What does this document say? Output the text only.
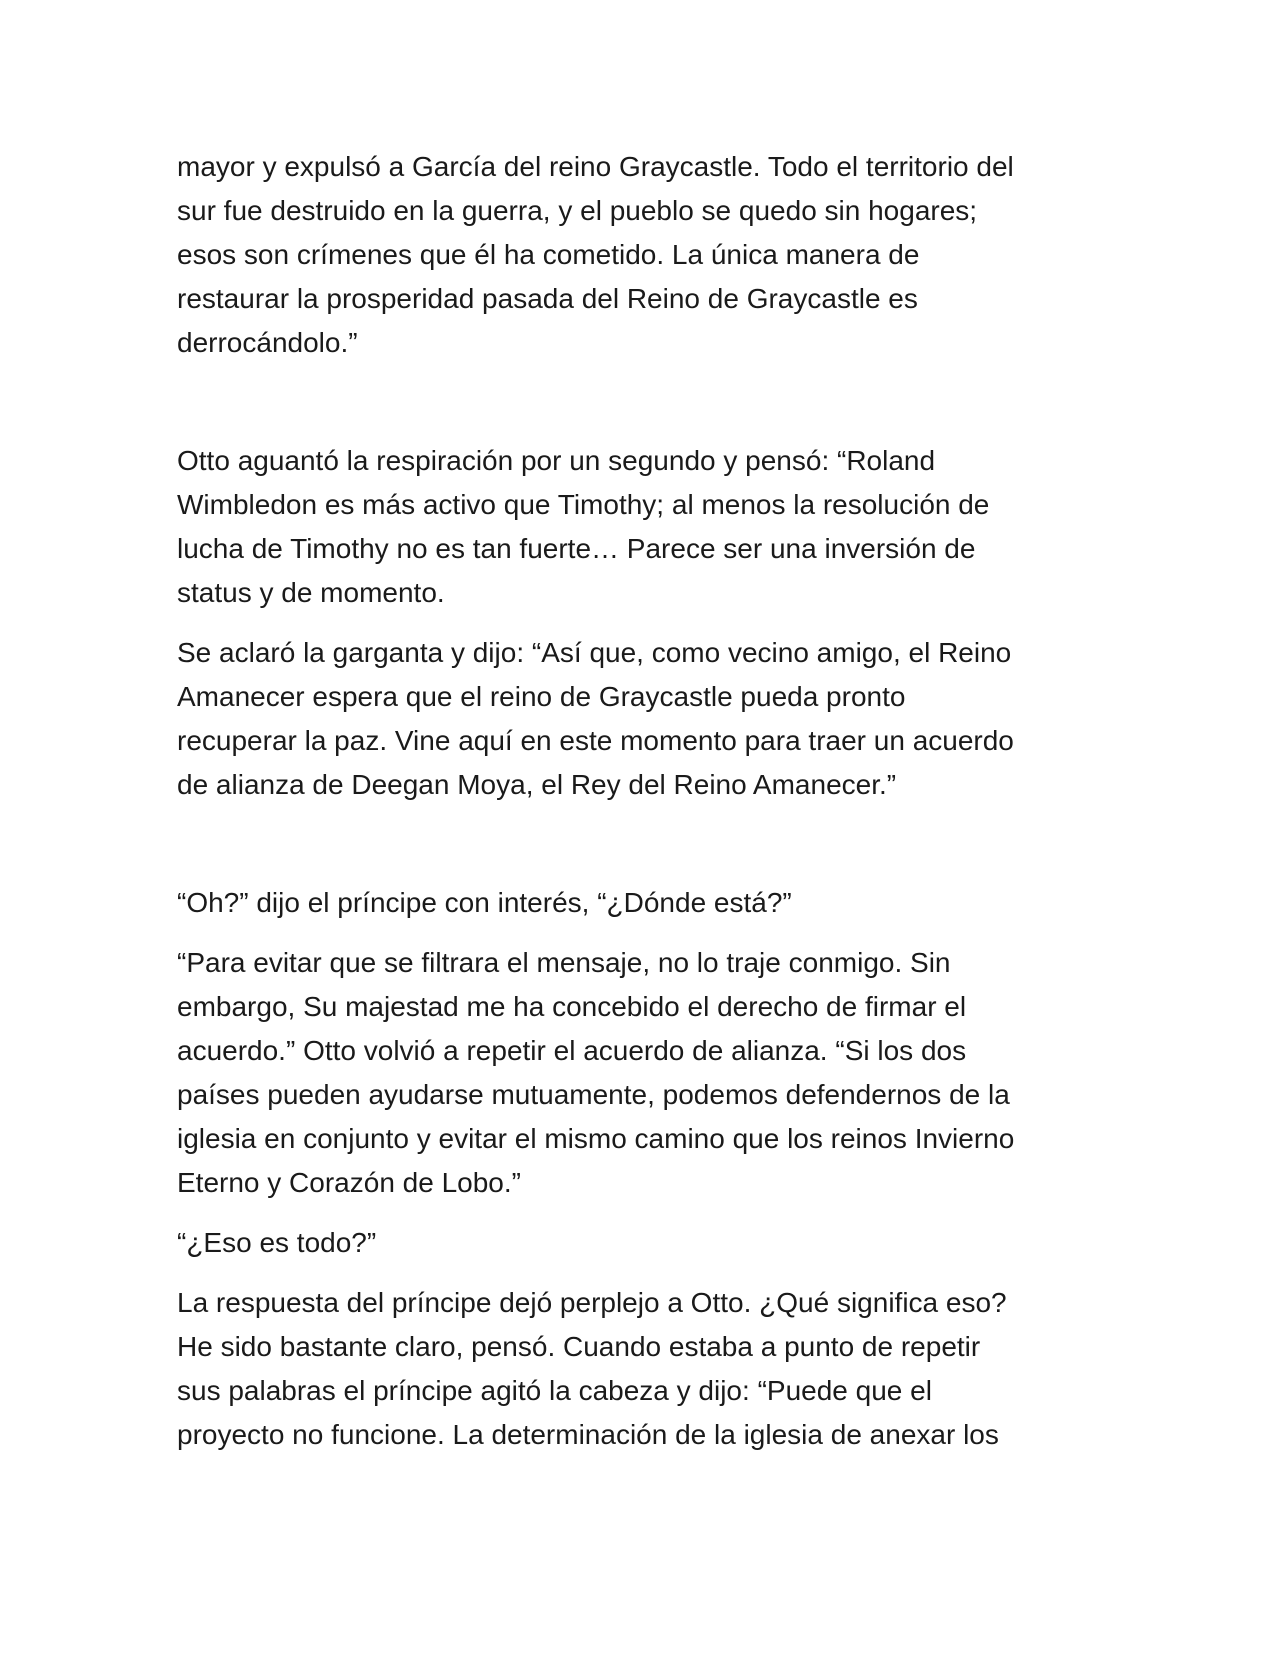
mayor y expulsó a García del reino Graycastle. Todo el territorio del
sur fue destruido en la guerra, y el pueblo se quedo sin hogares;
esos son crímenes que él ha cometido. La única manera de
restaurar la prosperidad pasada del Reino de Graycastle es
derrocándolo.”

Otto aguantó la respiración por un segundo y pensó: “Roland
Wimbledon es más activo que Timothy; al menos la resolución de
lucha de Timothy no es tan fuerte… Parece ser una inversión de
status y de momento.

Se aclaró la garganta y dijo: “Así que, como vecino amigo, el Reino
Amanecer espera que el reino de Graycastle pueda pronto
recuperar la paz. Vine aquí en este momento para traer un acuerdo
de alianza de Deegan Moya, el Rey del Reino Amanecer.”

“Oh?” dijo el príncipe con interés, “¿Dónde está?”

“Para evitar que se filtrara el mensaje, no lo traje conmigo. Sin
embargo, Su majestad me ha concebido el derecho de firmar el
acuerdo.” Otto volvió a repetir el acuerdo de alianza. “Si los dos
países pueden ayudarse mutuamente, podemos defendernos de la
iglesia en conjunto y evitar el mismo camino que los reinos Invierno
Eterno y Corazón de Lobo.”

“¿Eso es todo?”

La respuesta del príncipe dejó perplejo a Otto. ¿Qué significa eso?
He sido bastante claro, pensó. Cuando estaba a punto de repetir
sus palabras el príncipe agitó la cabeza y dijo: “Puede que el
proyecto no funcione. La determinación de la iglesia de anexar los
